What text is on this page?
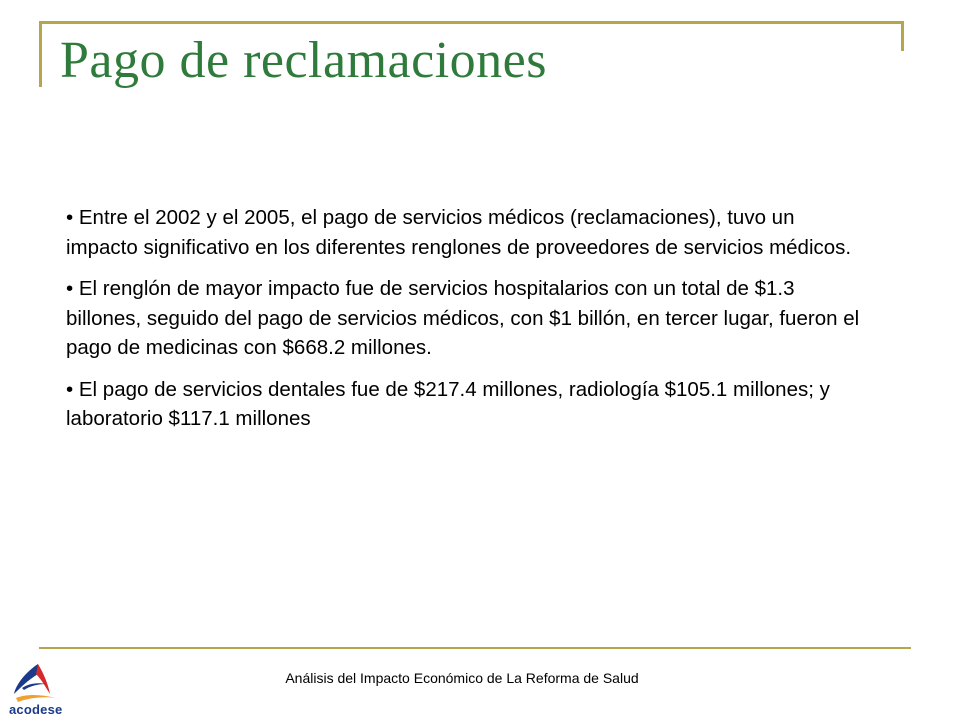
Pago de reclamaciones

• Entre el 2002 y el 2005, el pago de servicios médicos (reclamaciones), tuvo un impacto significativo en los diferentes renglones de proveedores de servicios médicos.

• El renglón de mayor impacto fue de servicios hospitalarios con un total de $1.3 billones, seguido del pago de servicios médicos, con $1 billón, en tercer lugar, fueron el pago de medicinas con $668.2 millones.

• El pago de servicios dentales fue de $217.4 millones, radiología $105.1 millones; y laboratorio $117.1 millones

Análisis del Impacto Económico de La Reforma de Salud
acodese
